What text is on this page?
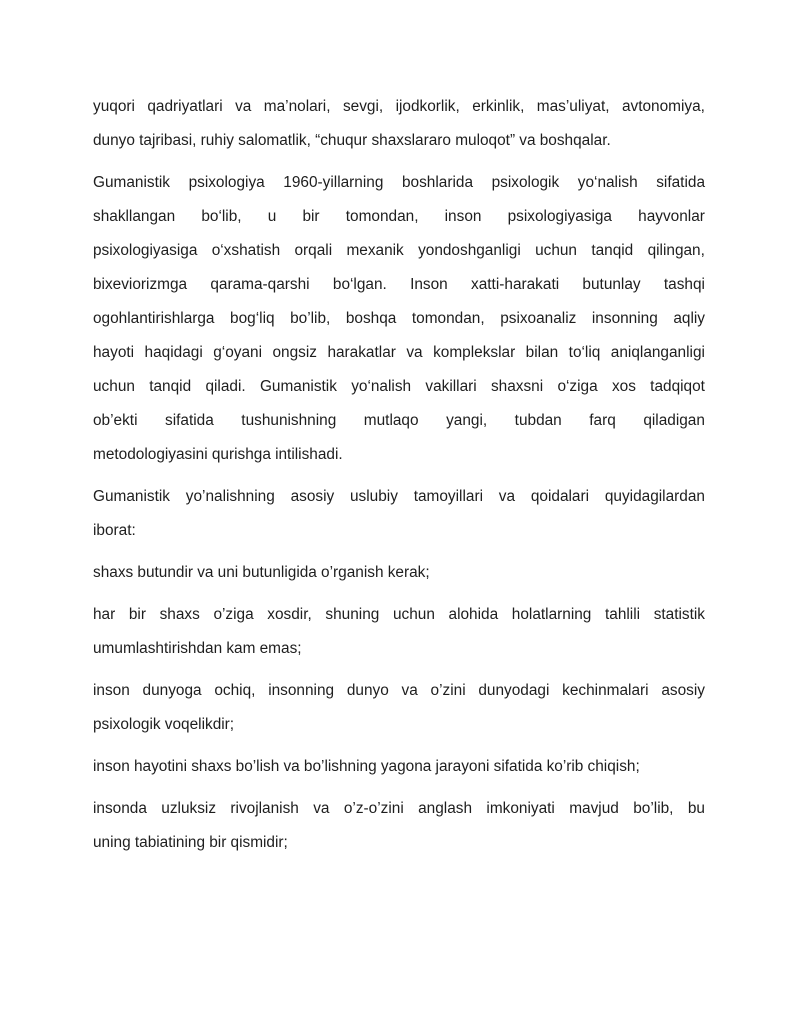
yuqori qadriyatlari va ma’nolari, sevgi, ijodkorlik, erkinlik, mas’uliyat, avtonomiya,
dunyo tajribasi, ruhiy salomatlik, “chuqur shaxslararo muloqot” va boshqalar.
Gumanistik psixologiya 1960-yillarning boshlarida psixologik yo‘nalish sifatida
shakllangan bo‘lib, u bir tomondan, inson psixologiyasiga hayvonlar
psixologiyasiga o‘xshatish orqali mexanik yondoshganligi uchun tanqid qilingan,
bixeviorizmga qarama-qarshi bo‘lgan. Inson xatti-harakati butunlay tashqi
ogohlantirishlarga bog‘liq bo’lib, boshqa tomondan, psixoanaliz insonning aqliy
hayoti haqidagi g‘oyani ongsiz harakatlar va komplekslar bilan to‘liq aniqlanganligi
uchun tanqid qiladi. Gumanistik yo‘nalish vakillari shaxsni o‘ziga xos tadqiqot
ob’ekti sifatida tushunishning mutlaqo yangi, tubdan farq qiladigan
metodologiyasini qurishga intilishadi.
Gumanistik yo’nalishning asosiy uslubiy tamoyillari va qoidalari quyidagilardan
iborat:
shaxs butundir va uni butunligida o’rganish kerak;
har bir shaxs o’ziga xosdir, shuning uchun alohida holatlarning tahlili statistik
umumlashtirishdan kam emas;
inson dunyoga ochiq, insonning dunyo va o’zini dunyodagi kechinmalari asosiy
psixologik voqelikdir;
inson hayotini shaxs bo’lish va bo’lishning yagona jarayoni sifatida ko’rib chiqish;
insonda uzluksiz rivojlanish va o’z-o’zini anglash imkoniyati mavjud bo’lib, bu
uning tabiatining bir qismidir;
